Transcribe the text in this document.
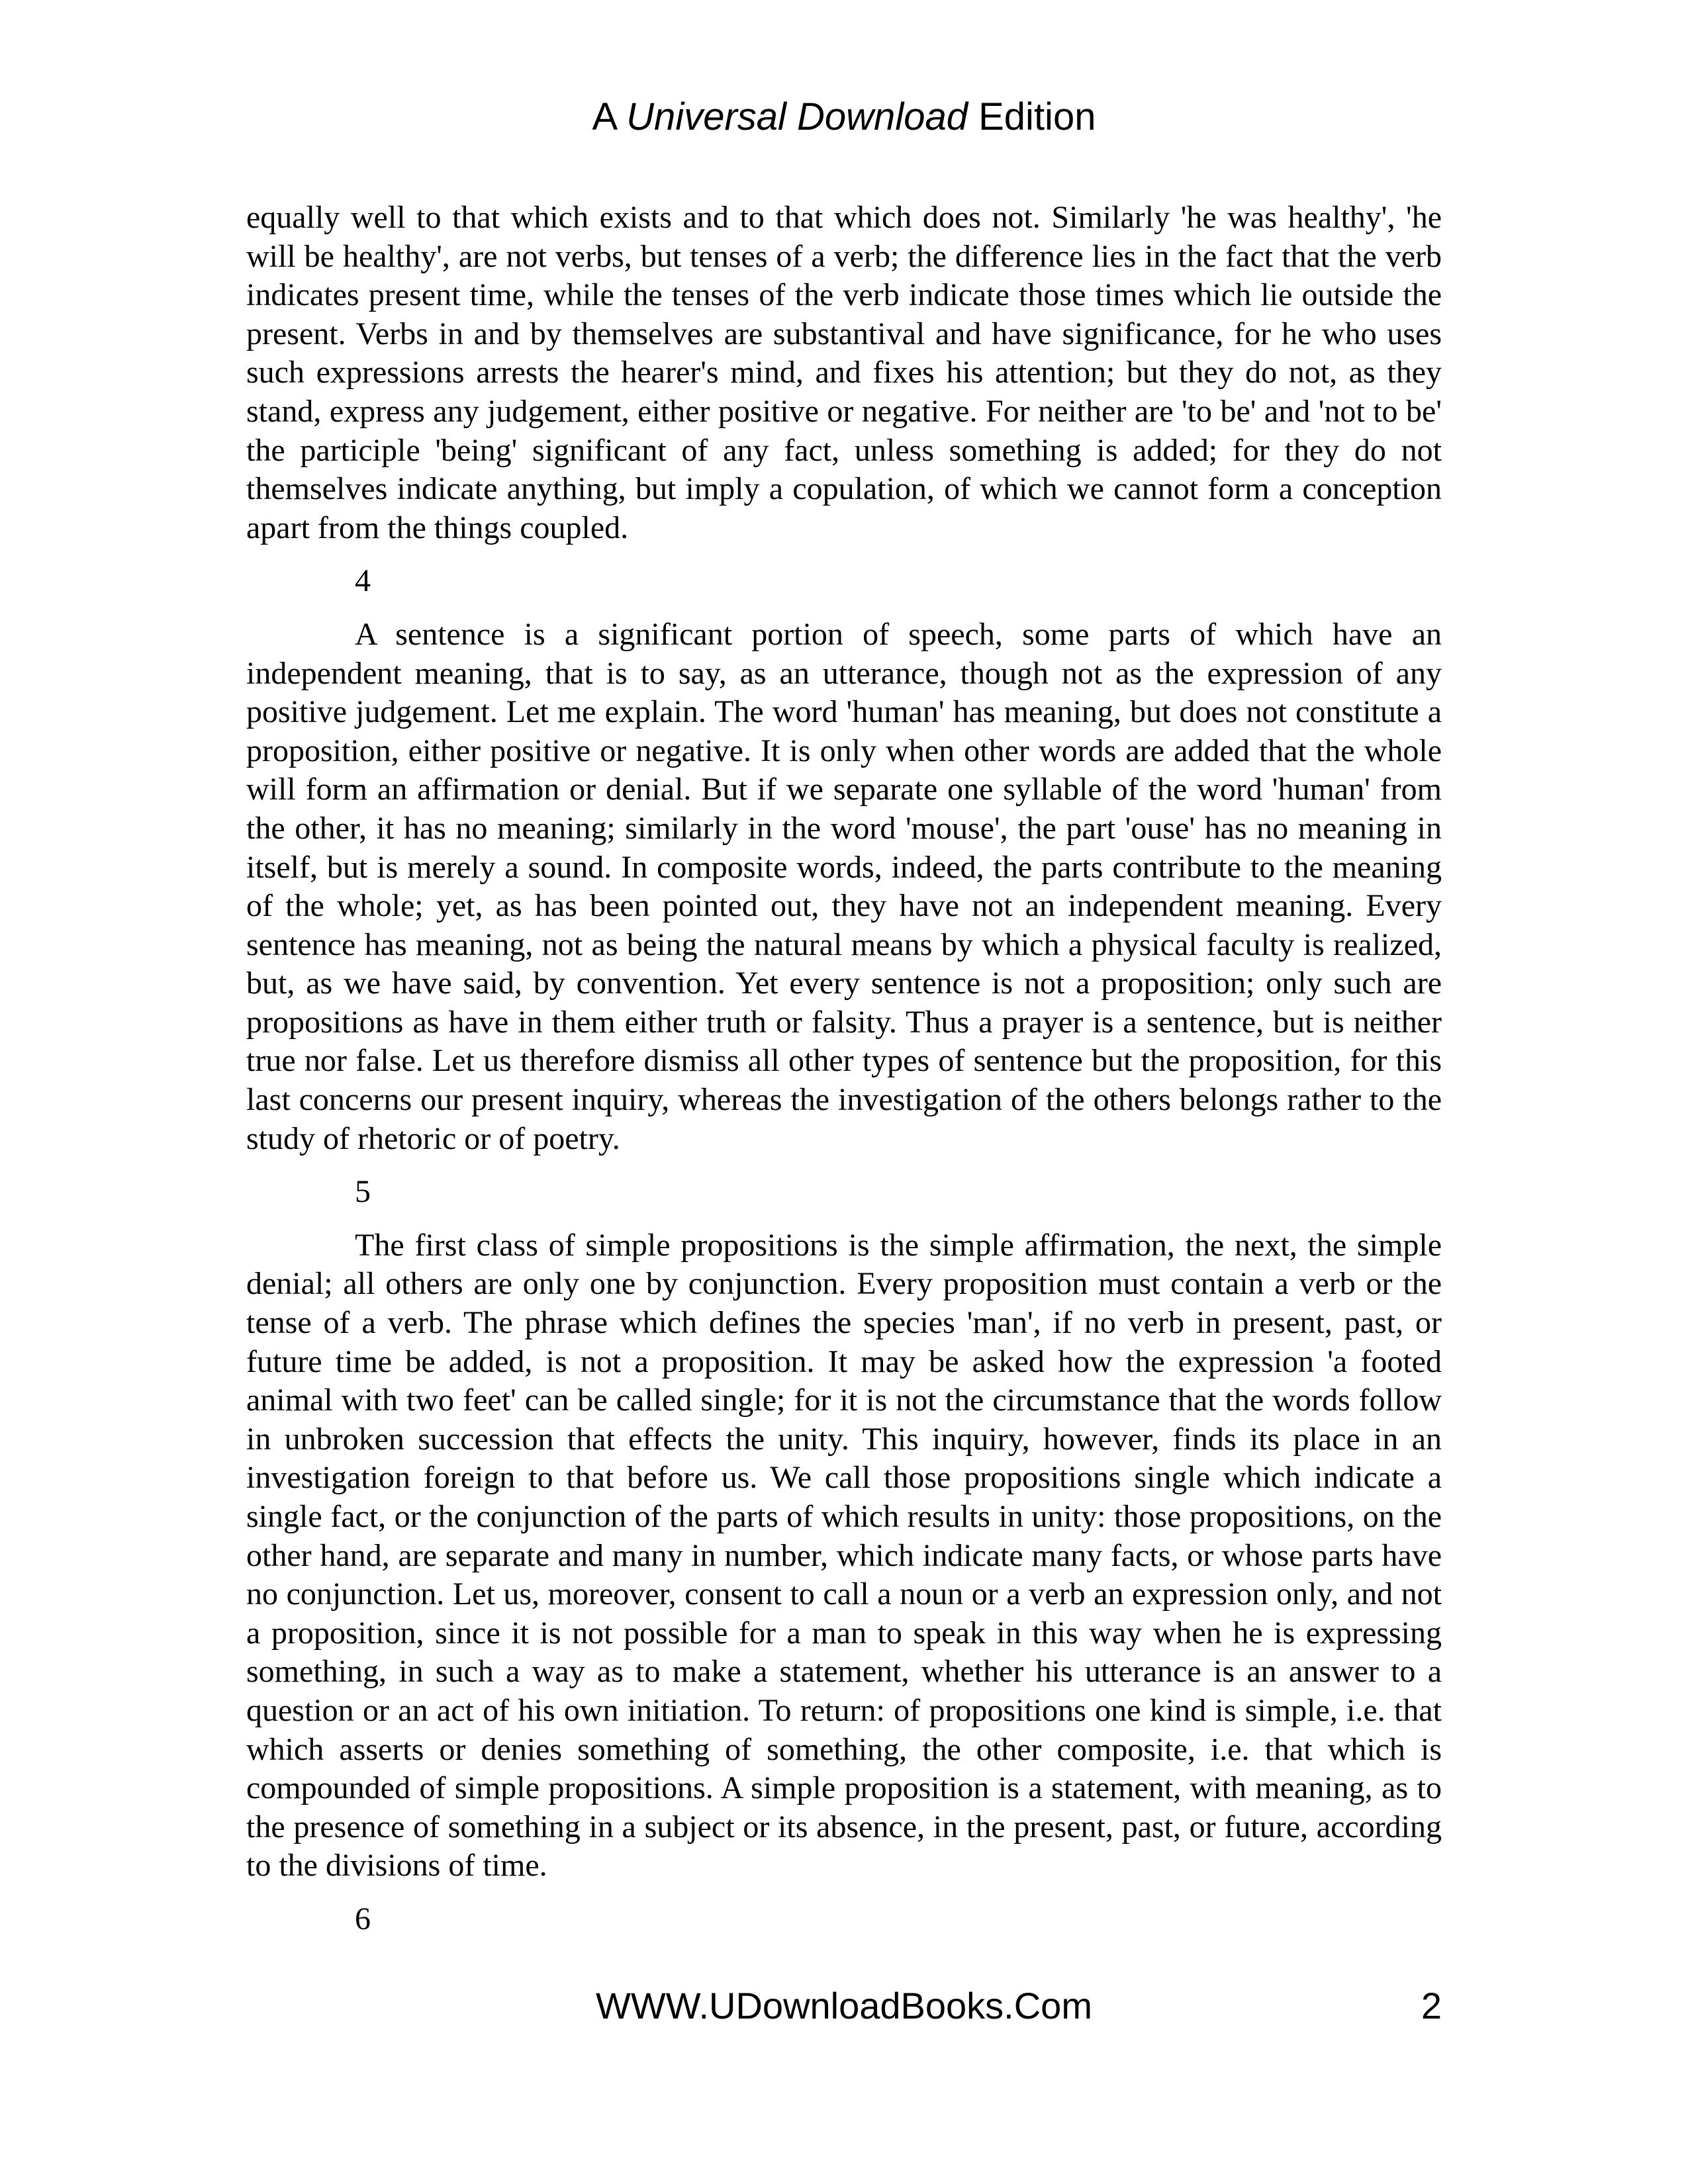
A Universal Download Edition

equally well to that which exists and to that which does not. Similarly 'he was healthy', 'he will be healthy', are not verbs, but tenses of a verb; the difference lies in the fact that the verb indicates present time, while the tenses of the verb indicate those times which lie outside the present. Verbs in and by themselves are substantival and have significance, for he who uses such expressions arrests the hearer's mind, and fixes his attention; but they do not, as they stand, express any judgement, either positive or negative. For neither are 'to be' and 'not to be' the participle 'being' significant of any fact, unless something is added; for they do not themselves indicate anything, but imply a copulation, of which we cannot form a conception apart from the things coupled.

4

A sentence is a significant portion of speech, some parts of which have an independent meaning, that is to say, as an utterance, though not as the expression of any positive judgement. Let me explain. The word 'human' has meaning, but does not constitute a proposition, either positive or negative. It is only when other words are added that the whole will form an affirmation or denial. But if we separate one syllable of the word 'human' from the other, it has no meaning; similarly in the word 'mouse', the part 'ouse' has no meaning in itself, but is merely a sound. In composite words, indeed, the parts contribute to the meaning of the whole; yet, as has been pointed out, they have not an independent meaning. Every sentence has meaning, not as being the natural means by which a physical faculty is realized, but, as we have said, by convention. Yet every sentence is not a proposition; only such are propositions as have in them either truth or falsity. Thus a prayer is a sentence, but is neither true nor false. Let us therefore dismiss all other types of sentence but the proposition, for this last concerns our present inquiry, whereas the investigation of the others belongs rather to the study of rhetoric or of poetry.

5

The first class of simple propositions is the simple affirmation, the next, the simple denial; all others are only one by conjunction. Every proposition must contain a verb or the tense of a verb. The phrase which defines the species 'man', if no verb in present, past, or future time be added, is not a proposition. It may be asked how the expression 'a footed animal with two feet' can be called single; for it is not the circumstance that the words follow in unbroken succession that effects the unity. This inquiry, however, finds its place in an investigation foreign to that before us. We call those propositions single which indicate a single fact, or the conjunction of the parts of which results in unity: those propositions, on the other hand, are separate and many in number, which indicate many facts, or whose parts have no conjunction. Let us, moreover, consent to call a noun or a verb an expression only, and not a proposition, since it is not possible for a man to speak in this way when he is expressing something, in such a way as to make a statement, whether his utterance is an answer to a question or an act of his own initiation. To return: of propositions one kind is simple, i.e. that which asserts or denies something of something, the other composite, i.e. that which is compounded of simple propositions. A simple proposition is a statement, with meaning, as to the presence of something in a subject or its absence, in the present, past, or future, according to the divisions of time.

6

WWW.UDownloadBooks.Com	2
